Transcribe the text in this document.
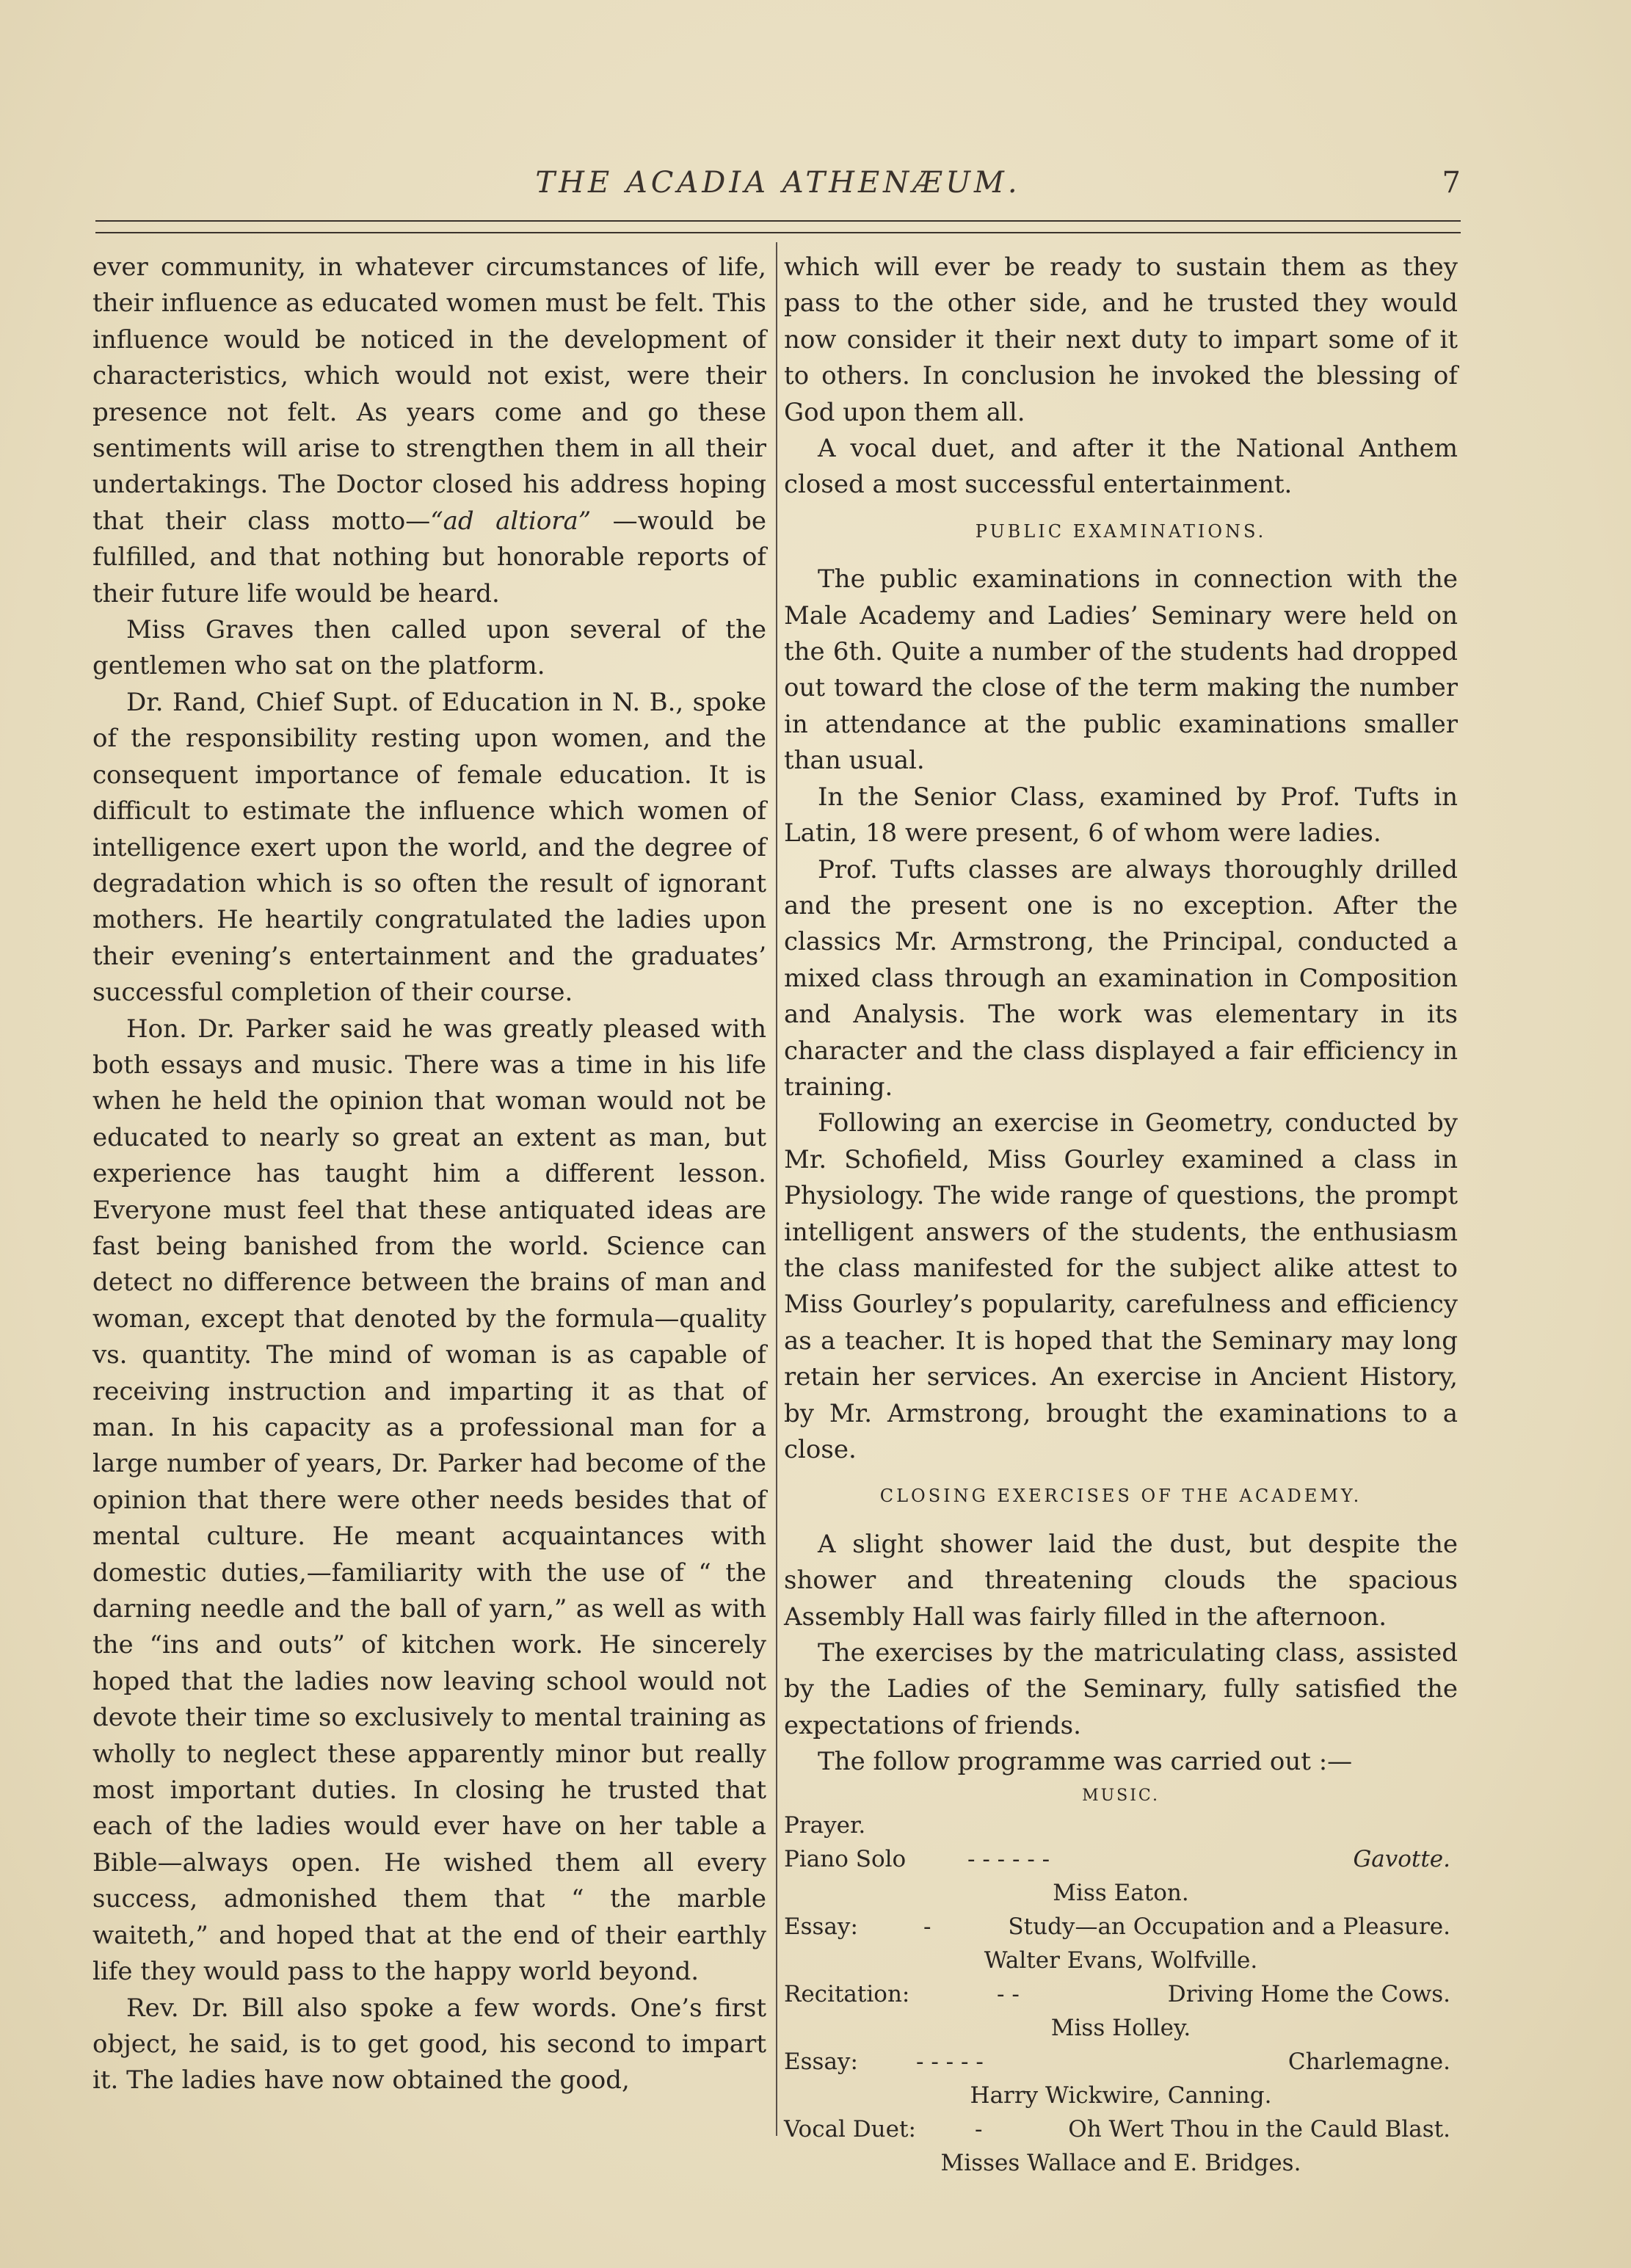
THE ACADIA ATHENÆUM.	7

ever community, in whatever circumstances of life, their influence as educated women must be felt. This influence would be noticed in the development of characteristics, which would not exist, were their presence not felt. As years come and go these sentiments will arise to strengthen them in all their undertakings. The Doctor closed his address hoping that their class motto—“ad altiora” —would be fulfilled, and that nothing but honorable reports of their future life would be heard.

Miss Graves then called upon several of the gentlemen who sat on the platform.

Dr. Rand, Chief Supt. of Education in N. B., spoke of the responsibility resting upon women, and the consequent importance of female education. It is difficult to estimate the influence which women of intelligence exert upon the world, and the degree of degradation which is so often the result of ignorant mothers. He heartily congratulated the ladies upon their evening’s entertainment and the graduates’ successful completion of their course.

Hon. Dr. Parker said he was greatly pleased with both essays and music. There was a time in his life when he held the opinion that woman would not be educated to nearly so great an extent as man, but experience has taught him a different lesson. Everyone must feel that these antiquated ideas are fast being banished from the world. Science can detect no difference between the brains of man and woman, except that denoted by the formula—quality vs. quantity. The mind of woman is as capable of receiving instruction and imparting it as that of man. In his capacity as a professional man for a large number of years, Dr. Parker had become of the opinion that there were other needs besides that of mental culture. He meant acquaintances with domestic duties,—familiarity with the use of “ the darning needle and the ball of yarn,” as well as with the “ins and outs” of kitchen work. He sincerely hoped that the ladies now leaving school would not devote their time so exclusively to mental training as wholly to neglect these apparently minor but really most important duties. In closing he trusted that each of the ladies would ever have on her table a Bible—always open. He wished them all every success, admonished them that “ the marble waiteth,” and hoped that at the end of their earthly life they would pass to the happy world beyond.

Rev. Dr. Bill also spoke a few words. One’s first object, he said, is to get good, his second to impart it. The ladies have now obtained the good,

which will ever be ready to sustain them as they pass to the other side, and he trusted they would now consider it their next duty to impart some of it to others. In conclusion he invoked the blessing of God upon them all.

A vocal duet, and after it the National Anthem closed a most successful entertainment.

PUBLIC EXAMINATIONS.

The public examinations in connection with the Male Academy and Ladies’ Seminary were held on the 6th. Quite a number of the students had dropped out toward the close of the term making the number in attendance at the public examinations smaller than usual.

In the Senior Class, examined by Prof. Tufts in Latin, 18 were present, 6 of whom were ladies.

Prof. Tufts classes are always thoroughly drilled and the present one is no exception. After the classics Mr. Armstrong, the Principal, conducted a mixed class through an examination in Composition and Analysis. The work was elementary in its character and the class displayed a fair efficiency in training.

Following an exercise in Geometry, conducted by Mr. Schofield, Miss Gourley examined a class in Physiology. The wide range of questions, the prompt intelligent answers of the students, the enthusiasm the class manifested for the subject alike attest to Miss Gourley’s popularity, carefulness and efficiency as a teacher. It is hoped that the Seminary may long retain her services. An exercise in Ancient History, by Mr. Armstrong, brought the examinations to a close.

CLOSING EXERCISES OF THE ACADEMY.

A slight shower laid the dust, but despite the shower and threatening clouds the spacious Assembly Hall was fairly filled in the afternoon.

The exercises by the matriculating class, assisted by the Ladies of the Seminary, fully satisfied the expectations of friends.

The follow programme was carried out :—

MUSIC.
Prayer.
Piano Solo	- - - - - -	Gavotte.
Miss Eaton.
Essay:	-	Study—an Occupation and a Pleasure.
Walter Evans, Wolfville.
Recitation:	- -	Driving Home the Cows.
Miss Holley.
Essay:	- - - - -	Charlemagne.
Harry Wickwire, Canning.
Vocal Duet:	-	Oh Wert Thou in the Cauld Blast.
Misses Wallace and E. Bridges.
